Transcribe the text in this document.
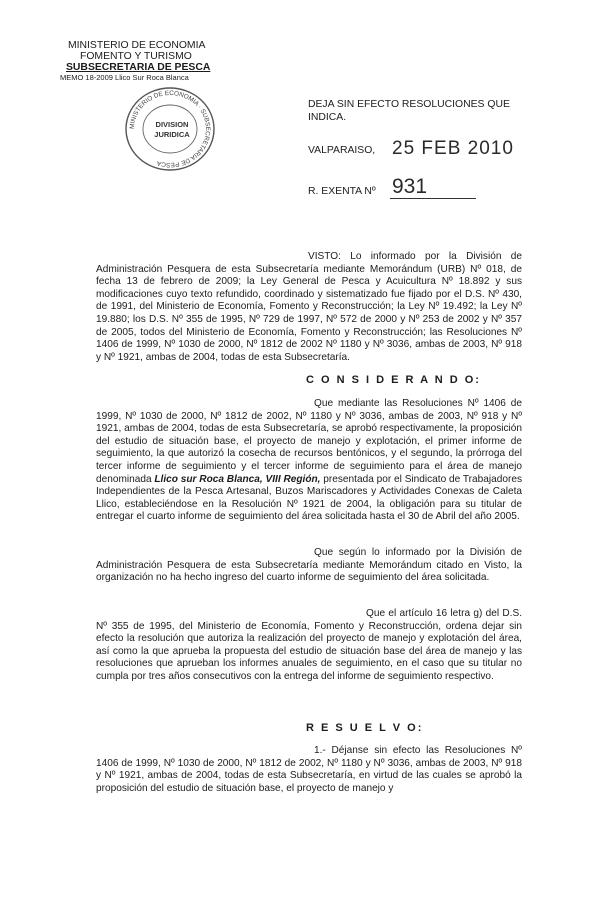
MINISTERIO DE ECONOMIA
FOMENTO Y TURISMO
SUBSECRETARIA DE PESCA
MEMO 18-2009 Llico Sur Roca Blanca
MINISTERIO DE ECONOMIA · SUBSECRETARIA DE PESCA
DIVISION
JURIDICA
DEJA SIN EFECTO RESOLUCIONES QUE
INDICA.
VALPARAISO, 25 FEB 2010
R. EXENTA Nº 931

VISTO: Lo informado por la División de Administración Pesquera de esta Subsecretaría mediante Memorándum (URB) Nº 018, de fecha 13 de febrero de 2009; la Ley General de Pesca y Acuicultura Nº 18.892 y sus modificaciones cuyo texto refundido, coordinado y sistematizado fue fijado por el D.S. Nº 430, de 1991, del Ministerio de Economía, Fomento y Reconstrucción; la Ley Nº 19.492; la Ley Nº 19.880; los D.S. Nº 355 de 1995, Nº 729 de 1997, Nº 572 de 2000 y Nº 253 de 2002 y Nº 357 de 2005, todos del Ministerio de Economía, Fomento y Reconstrucción; las Resoluciones Nº 1406 de 1999, Nº 1030 de 2000, Nº 1812 de 2002 Nº 1180 y Nº 3036, ambas de 2003, Nº 918 y Nº 1921, ambas de 2004, todas de esta Subsecretaría.

C O N S I D E R A N D O:

Que mediante las Resoluciones Nº 1406 de 1999, Nº 1030 de 2000, Nº 1812 de 2002, Nº 1180 y Nº 3036, ambas de 2003, Nº 918 y Nº 1921, ambas de 2004, todas de esta Subsecretaría, se aprobó respectivamente, la proposición del estudio de situación base, el proyecto de manejo y explotación, el primer informe de seguimiento, la que autorizó la cosecha de recursos bentónicos, y el segundo, la prórroga del tercer informe de seguimiento y el tercer informe de seguimiento para el área de manejo denominada Llico sur Roca Blanca, VIII Región, presentada por el Sindicato de Trabajadores Independientes de la Pesca Artesanal, Buzos Mariscadores y Actividades Conexas de Caleta Llico, estableciéndose en la Resolución Nº 1921 de 2004, la obligación para su titular de entregar el cuarto informe de seguimiento del área solicitada hasta el 30 de Abril del año 2005.

Que según lo informado por la División de Administración Pesquera de esta Subsecretaría mediante Memorándum citado en Visto, la organización no ha hecho ingreso del cuarto informe de seguimiento del área solicitada.

Que el artículo 16 letra g) del D.S. Nº 355 de 1995, del Ministerio de Economía, Fomento y Reconstrucción, ordena dejar sin efecto la resolución que autoriza la realización del proyecto de manejo y explotación del área, así como la que aprueba la propuesta del estudio de situación base del área de manejo y las resoluciones que aprueban los informes anuales de seguimiento, en el caso que su titular no cumpla por tres años consecutivos con la entrega del informe de seguimiento respectivo.

R E S U E L V O:

1.- Déjanse sin efecto las Resoluciones Nº 1406 de 1999, Nº 1030 de 2000, Nº 1812 de 2002, Nº 1180 y Nº 3036, ambas de 2003, Nº 918 y Nº 1921, ambas de 2004, todas de esta Subsecretaría, en virtud de las cuales se aprobó la proposición del estudio de situación base, el proyecto de manejo y
